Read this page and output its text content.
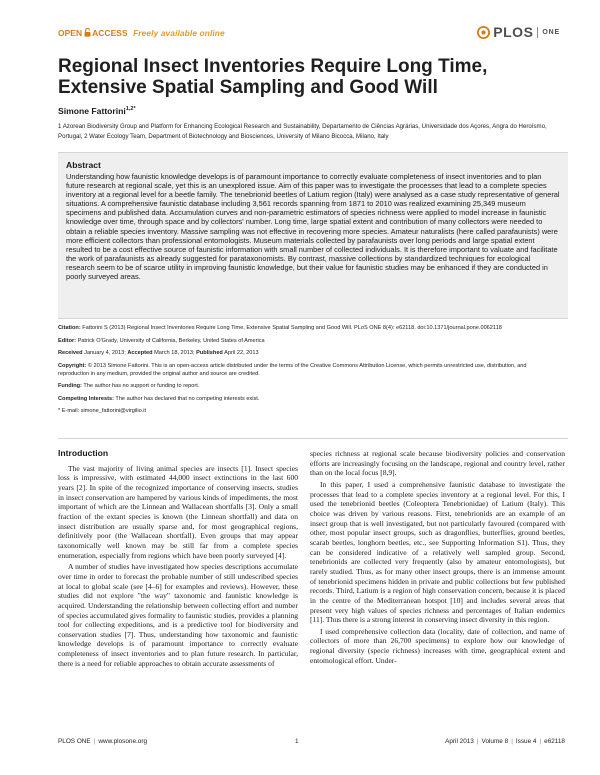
OPEN ACCESS Freely available online	PLOS ONE
Regional Insect Inventories Require Long Time, Extensive Spatial Sampling and Good Will
Simone Fattorini$^{1,2*}$
1 Azorean Biodiversity Group and Platform for Enhancing Ecological Research and Sustainability, Departamento de Ciências Agrárias, Universidade dos Açores, Angra do Heroísmo, Portugal, 2 Water Ecology Team, Department of Biotechnology and Biosciences, University of Milano Bicocca, Milano, Italy
Abstract
Understanding how faunistic knowledge develops is of paramount importance to correctly evaluate completeness of insect inventories and to plan future research at regional scale, yet this is an unexplored issue. Aim of this paper was to investigate the processes that lead to a complete species inventory at a regional level for a beetle family. The tenebrionid beetles of Latium region (Italy) were analysed as a case study representative of general situations. A comprehensive faunistic database including 3,561 records spanning from 1871 to 2010 was realized examining 25,349 museum specimens and published data. Accumulation curves and non-parametric estimators of species richness were applied to model increase in faunistic knowledge over time, through space and by collectors' number. Long time, large spatial extent and contribution of many collectors were needed to obtain a reliable species inventory. Massive sampling was not effective in recovering more species. Amateur naturalists (here called parafaunists) were more efficient collectors than professional entomologists. Museum materials collected by parafaunists over long periods and large spatial extent resulted to be a cost effective source of faunistic information with small number of collected individuals. It is therefore important to valuate and facilitate the work of parafaunists as already suggested for parataxonomists. By contrast, massive collections by standardized techniques for ecological research seem to be of scarce utility in improving faunistic knowledge, but their value for faunistic studies may be enhanced if they are conducted in poorly surveyed areas.

Citation: Fattorini S (2013) Regional Insect Inventories Require Long Time, Extensive Spatial Sampling and Good Will. PLoS ONE 8(4): e62118. doi:10.1371/journal.pone.0062118

Editor: Patrick O'Grady, University of California, Berkeley, United States of America

Received January 4, 2013; Accepted March 18, 2013; Published April 22, 2013

Copyright: © 2013 Simone Fattorini. This is an open-access article distributed under the terms of the Creative Commons Attribution License, which permits unrestricted use, distribution, and reproduction in any medium, provided the original author and source are credited.

Funding: The author has no support or funding to report.

Competing Interests: The author has declared that no competing interests exist.

* E-mail: simone_fattorini@virgilio.it

Introduction

The vast majority of living animal species are insects [1]. Insect species loss is impressive, with estimated 44,000 insect extinctions in the last 600 years [2]. In spite of the recognized importance of conserving insects, studies in insect conservation are hampered by various kinds of impediments, the most important of which are the Linnean and Wallacean shortfalls [3]. Only a small fraction of the extant species is known (the Linnean shortfall) and data on insect distribution are usually sparse and, for most geographical regions, definitively poor (the Wallacean shortfall). Even groups that may appear taxonomically well known may be still far from a complete species enumeration, especially from regions which have been poorly surveyed [4].

A number of studies have investigated how species descriptions accumulate over time in order to forecast the probable number of still undescribed species at local to global scale (see [4–6] for examples and reviews). However, these studies did not explore "the way" taxonomic and faunistic knowledge is acquired. Understanding the relationship between collecting effort and number of species accumulated gives formality to faunistic studies, provides a planning tool for collecting expeditions, and is a predictive tool for biodiversity and conservation studies [7]. Thus, understanding how taxonomic and faunistic knowledge develops is of paramount importance to correctly evaluate completeness of insect inventories and to plan future research. In particular, there is a need for reliable approaches to obtain accurate assessments of

species richness at regional scale because biodiversity policies and conservation efforts are increasingly focusing on the landscape, regional and country level, rather than on the local focus [8,9].

In this paper, I used a comprehensive faunistic database to investigate the processes that lead to a complete species inventory at a regional level. For this, I used the tenebrionid beetles (Coleoptera Tenebrionidae) of Latium (Italy). This choice was driven by various reasons. First, tenebrionids are an example of an insect group that is well investigated, but not particularly favoured (compared with other, most popular insect groups, such as dragonflies, butterflies, ground beetles, scarab beetles, longhorn beetles, etc., see Supporting Information S1). Thus, they can be considered indicative of a relatively well sampled group. Second, tenebrionids are collected very frequently (also by amateur entomologists), but rarely studied. Thus, as for many other insect groups, there is an immense amount of tenebrionid specimens hidden in private and public collections but few published records. Third, Latium is a region of high conservation concern, because it is placed in the centre of the Mediterranean hotspot [10] and includes several areas that present very high values of species richness and percentages of Italian endemics [11]. Thus there is a strong interest in conserving insect diversity in this region.

I used comprehensive collection data (locality, date of collection, and name of collectors of more than 26,700 specimens) to explore how our knowledge of regional diversity (specie richness) increases with time, geographical extent and entomological effort. Under-

PLOS ONE | www.plosone.org	1	April 2013 | Volume 8 | Issue 4 | e62118
